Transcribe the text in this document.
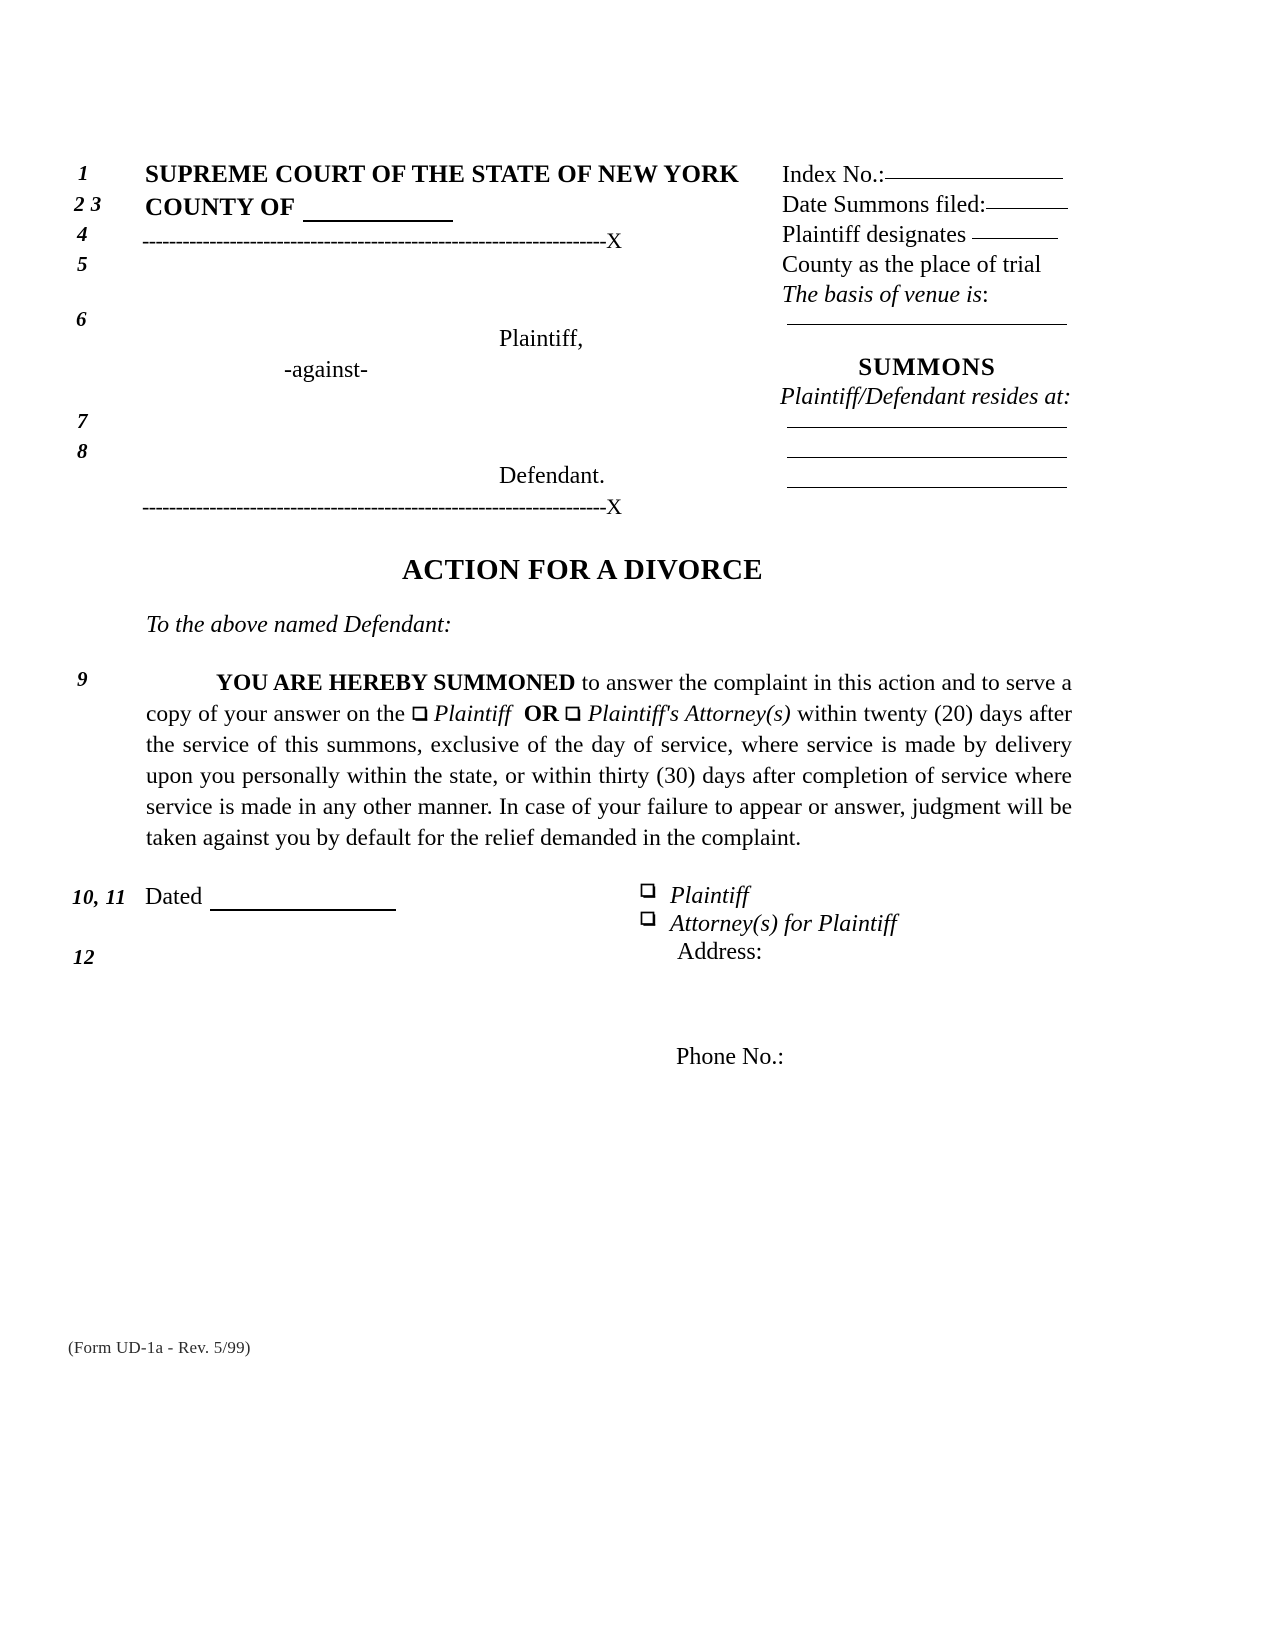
1
2 3
4
5
6
7
8
9
10, 11
12
SUPREME COURT OF THE STATE OF NEW YORK
COUNTY OF
---------------------------------------------------------------------X
Plaintiff,
-against-
Defendant.
---------------------------------------------------------------------X
Index No.:
Date Summons filed:
Plaintiff designates
County as the place of trial
The basis of venue is:
SUMMONS
Plaintiff/Defendant resides at:
ACTION FOR A DIVORCE
To the above named Defendant:
YOU ARE HEREBY SUMMONED to answer the complaint in this action and to serve a copy of your answer on the
Plaintiff OR Plaintiff's Attorney(s) within twenty (20) days after the service of this summons, exclusive of the day of service, where service is made by delivery upon you personally within the state, or within thirty (30) days after completion of service where service is made in any other manner. In case of your failure to appear or answer, judgment will be taken against you by default for the relief demanded in the complaint.
Dated	Plaintiff
Attorney(s) for Plaintiff
Address:
Phone No.:
(Form UD-1a - Rev. 5/99)
